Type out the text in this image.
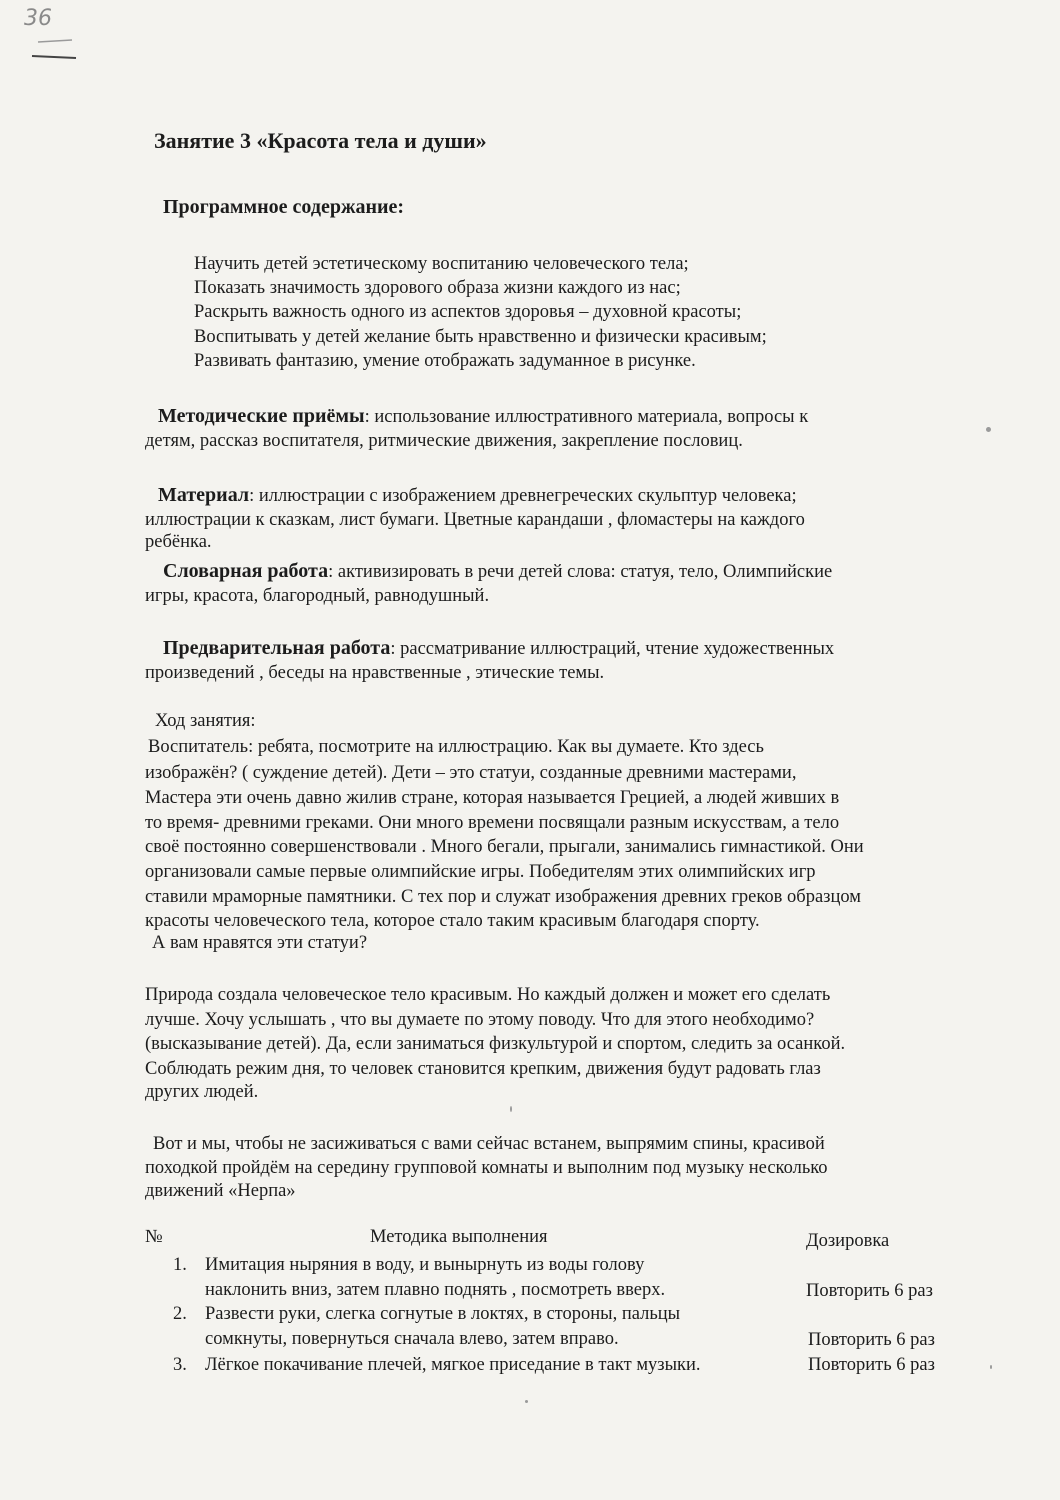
36
Занятие 3 «Красота тела и души»
Программное содержание:
Научить детей эстетическому воспитанию человеческого тела;
Показать значимость здорового образа жизни каждого из нас;
Раскрыть важность одного из аспектов здоровья – духовной красоты;
Воспитывать у детей желание быть нравственно и физически красивым;
Развивать фантазию, умение отображать задуманное в рисунке.
Методические приёмы: использование иллюстративного материала, вопросы к
детям, рассказ воспитателя, ритмические движения, закрепление пословиц.
Материал: иллюстрации с изображением древнегреческих скульптур человека;
иллюстрации к сказкам, лист бумаги. Цветные карандаши , фломастеры на каждого
ребёнка.
Словарная работа: активизировать в речи детей слова: статуя, тело, Олимпийские
игры, красота, благородный, равнодушный.
Предварительная работа: рассматривание иллюстраций, чтение художественных
произведений , беседы на нравственные , этические темы.
Ход занятия:
Воспитатель: ребята, посмотрите на иллюстрацию. Как вы думаете. Кто здесь
изображён? ( суждение детей). Дети – это статуи, созданные древними мастерами,
Мастера эти очень давно жилив стране, которая называется Грецией, а людей живших в
то время- древними греками. Они много времени посвящали разным искусствам, а тело
своё постоянно совершенствовали . Много бегали, прыгали, занимались гимнастикой. Они
организовали самые первые олимпийские игры. Победителям этих олимпийских игр
ставили мраморные памятники. С тех пор и служат изображения древних греков образцом
красоты человеческого тела, которое стало таким красивым благодаря спорту.
А вам нравятся эти статуи?
Природа создала человеческое тело красивым. Но каждый должен и может его сделать
лучше. Хочу услышать , что вы думаете по этому поводу. Что для этого необходимо?
(высказывание детей). Да, если заниматься физкультурой и спортом, следить за осанкой.
Соблюдать режим дня, то человек становится крепким, движения будут радовать глаз
других людей.
Вот и мы, чтобы не засиживаться с вами сейчас встанем, выпрямим спины, красивой
походкой пройдём на середину групповой комнаты и выполним под музыку несколько
движений «Нерпа»
№	Методика выполнения	Дозировка
1. Имитация ныряния в воду, и вынырнуть из воды голову
наклонить вниз, затем плавно поднять , посмотреть вверх.	Повторить 6 раз
2. Развести руки, слегка согнутые в локтях, в стороны, пальцы
сомкнуты, повернуться сначала влево, затем вправо.	Повторить 6 раз
3. Лёгкое покачивание плечей, мягкое приседание в такт музыки.	Повторить 6 раз
